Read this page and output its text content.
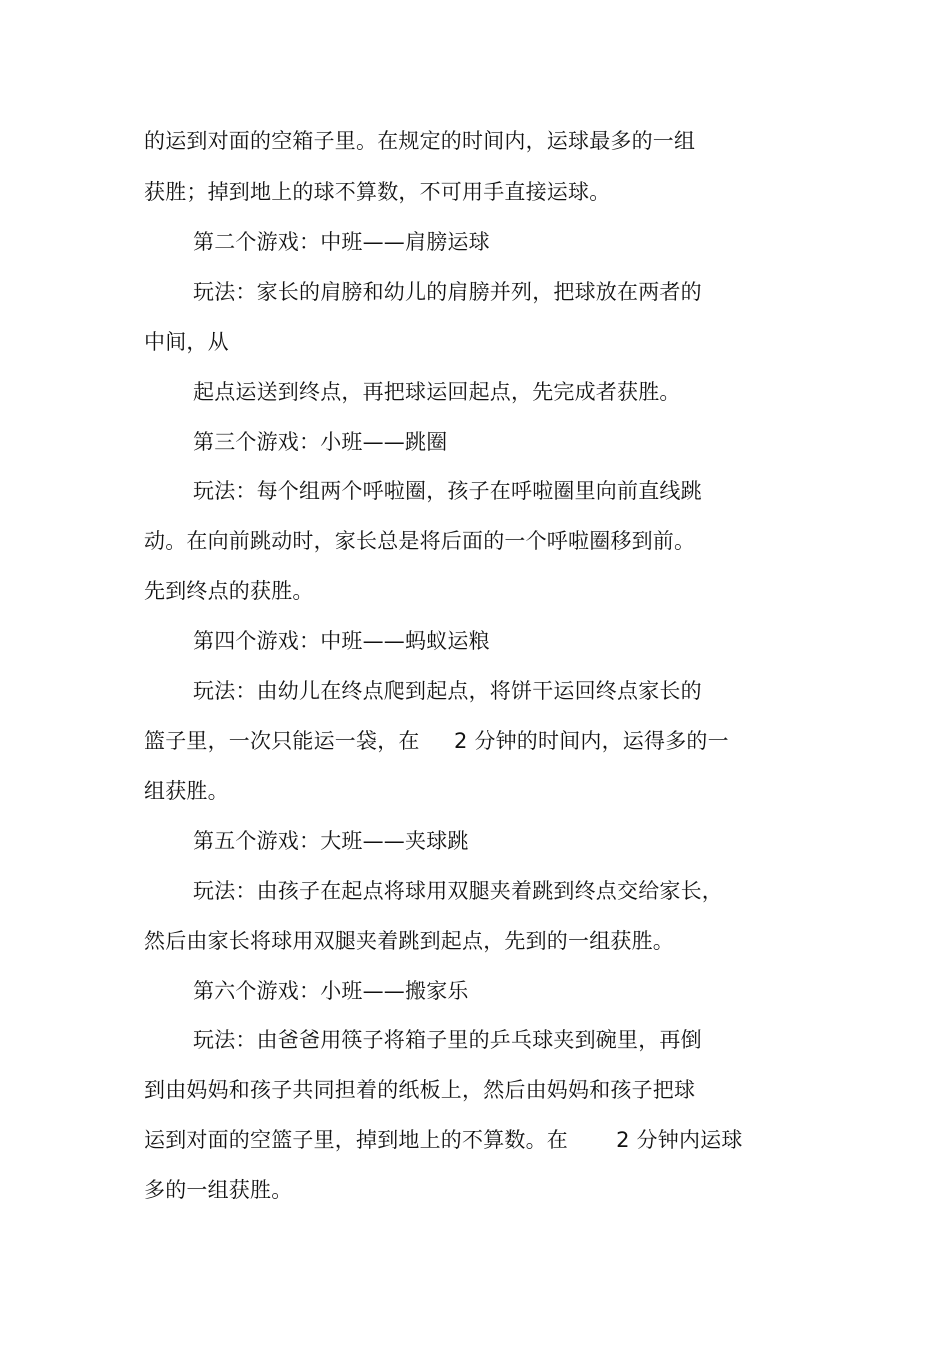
的运到对面的空箱子里。在规定的时间内，运球最多的一组
获胜；掉到地上的球不算数，不可用手直接运球。
第二个游戏：中班——肩膀运球
玩法：家长的肩膀和幼儿的肩膀并列，把球放在两者的
中间，从
起点运送到终点，再把球运回起点，先完成者获胜。
第三个游戏：小班——跳圈
玩法：每个组两个呼啦圈，孩子在呼啦圈里向前直线跳
动。在向前跳动时，家长总是将后面的一个呼啦圈移到前。
先到终点的获胜。
第四个游戏：中班——蚂蚁运粮
玩法：由幼儿在终点爬到起点，将饼干运回终点家长的
篮子里，一次只能运一袋，在     2 分钟的时间内，运得多的一
组获胜。
第五个游戏：大班——夹球跳
玩法：由孩子在起点将球用双腿夹着跳到终点交给家长，
然后由家长将球用双腿夹着跳到起点，先到的一组获胜。
第六个游戏：小班——搬家乐
玩法：由爸爸用筷子将箱子里的乒乓球夹到碗里，再倒
到由妈妈和孩子共同担着的纸板上，然后由妈妈和孩子把球
运到对面的空篮子里，掉到地上的不算数。在       2 分钟内运球
多的一组获胜。
